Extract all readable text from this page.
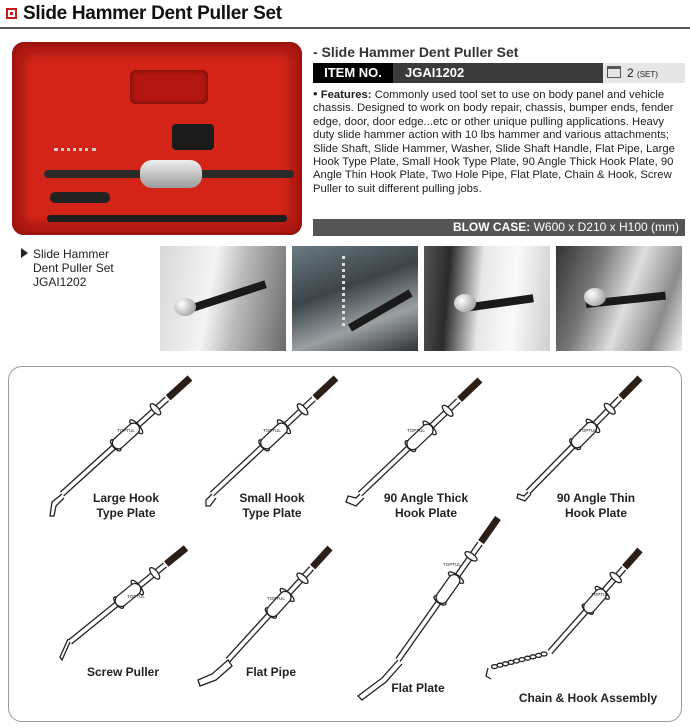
Slide Hammer Dent Puller Set
- Slide Hammer Dent Puller Set
ITEM NO.	JGAI1202	2 (SET)
• Features: Commonly used tool set to use on body panel and vehicle chassis. Designed to work on body repair, chassis, bumper ends, fender edge, door, door edge...etc or other unique pulling applications. Heavy duty slide hammer action with 10 lbs hammer and various attachments; Slide Shaft, Slide Hammer, Washer, Slide Shaft Handle, Flat Pipe, Large Hook Type Plate, Small Hook Type Plate, 90 Angle Thick Hook Plate, 90 Angle Thin Hook Plate, Two Hole Pipe, Flat Plate, Chain & Hook, Screw Puller to suit different pulling jobs.
BLOW CASE: W600 x D210 x H100 (mm)
Slide Hammer
Dent Puller Set
JGAI1202
TOPTUL	TOPTUL	TOPTUL	TOPTUL
TOPTUL	TOPTUL
TOPTUL
TOPTUL
Large Hook
Type Plate
Small Hook
Type Plate
90 Angle Thick
Hook Plate
90 Angle Thin
Hook Plate
Screw Puller	Flat Pipe
Flat Plate
Chain & Hook Assembly
